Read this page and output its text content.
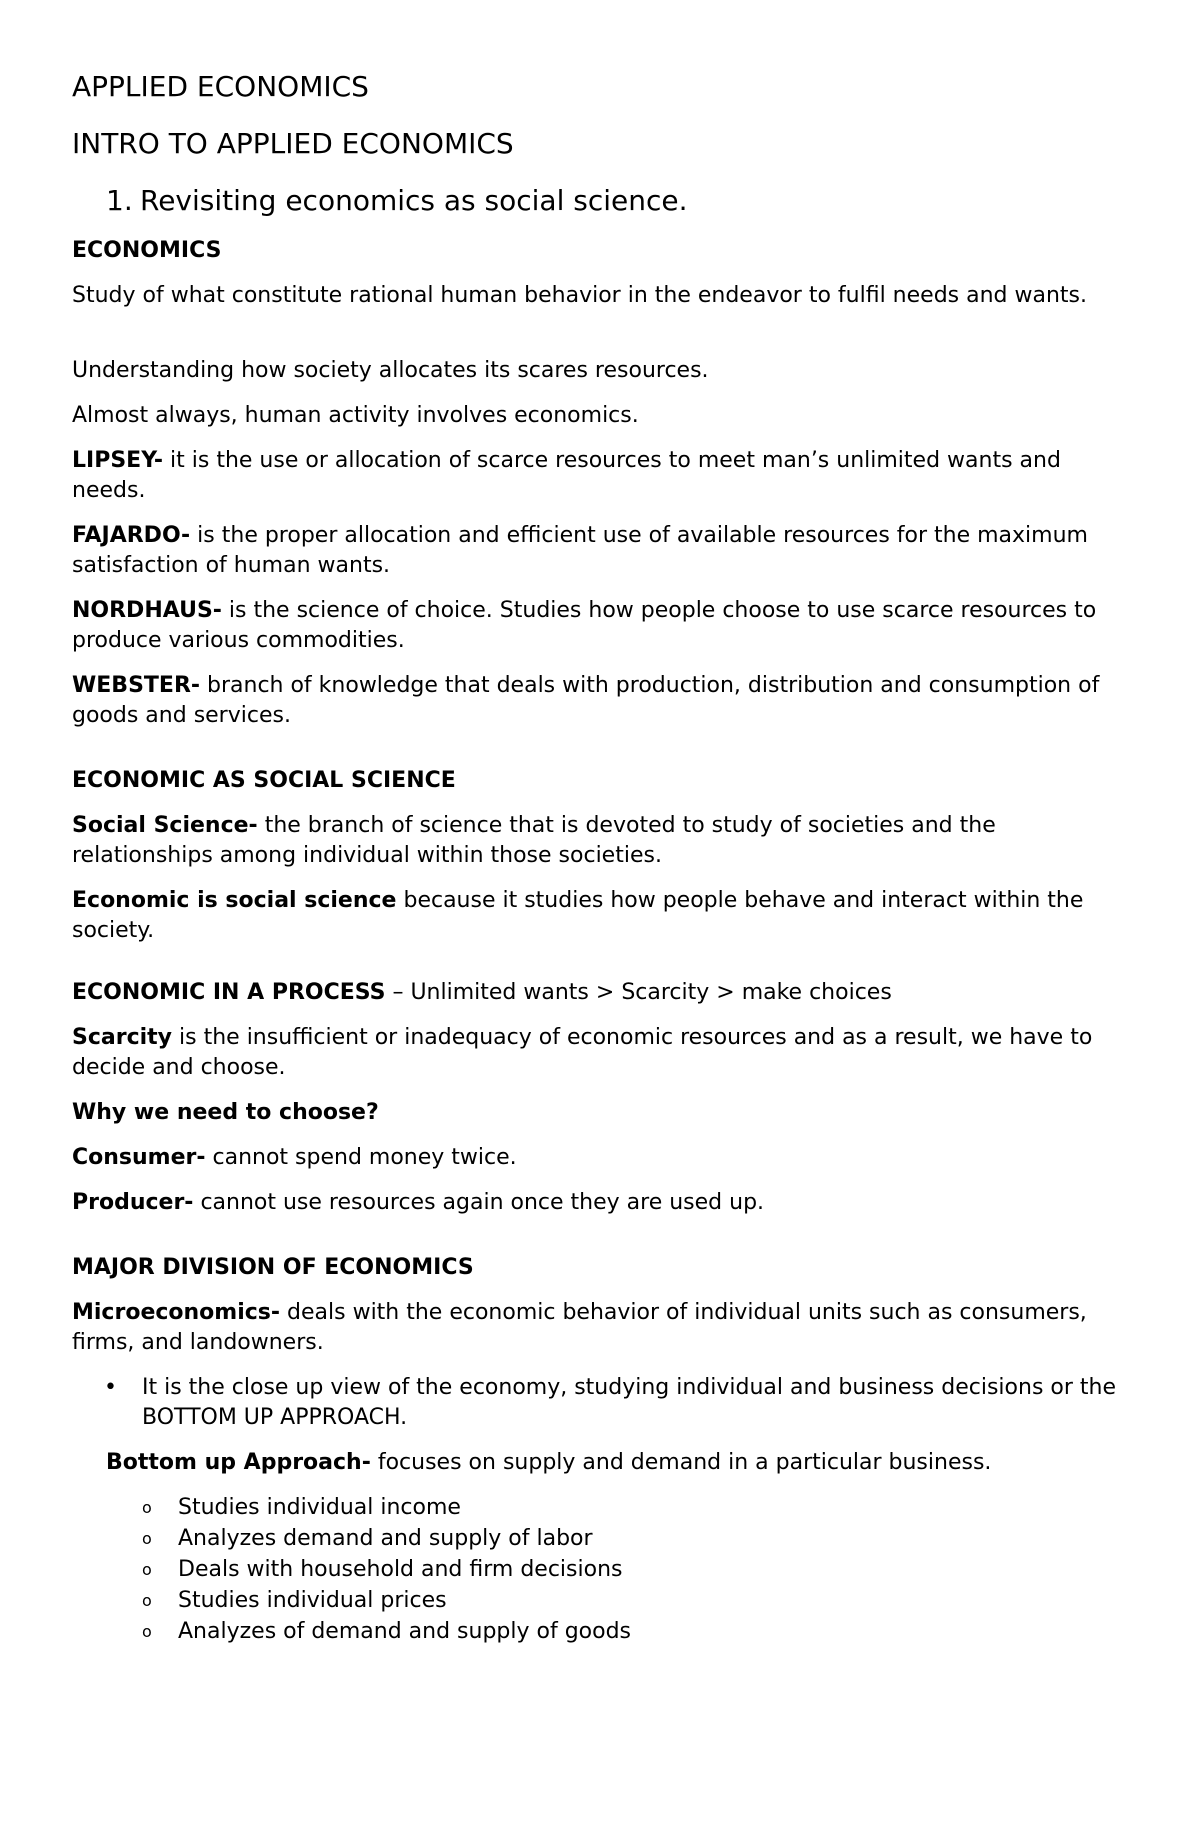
APPLIED ECONOMICS

INTRO TO APPLIED ECONOMICS

1. Revisiting economics as social science.

ECONOMICS

Study of what constitute rational human behavior in the endeavor to fulfil needs and wants.

Understanding how society allocates its scares resources.

Almost always, human activity involves economics.

LIPSEY- it is the use or allocation of scarce resources to meet man’s unlimited wants and needs.

FAJARDO- is the proper allocation and efficient use of available resources for the maximum satisfaction of human wants.

NORDHAUS- is the science of choice. Studies how people choose to use scarce resources to produce various commodities.

WEBSTER- branch of knowledge that deals with production, distribution and consumption of goods and services.

ECONOMIC AS SOCIAL SCIENCE

Social Science- the branch of science that is devoted to study of societies and the relationships among individual within those societies.

Economic is social science because it studies how people behave and interact within the society.

ECONOMIC IN A PROCESS – Unlimited wants > Scarcity > make choices

Scarcity is the insufficient or inadequacy of economic resources and as a result, we have to decide and choose.

Why we need to choose?

Consumer- cannot spend money twice.

Producer- cannot use resources again once they are used up.

MAJOR DIVISION OF ECONOMICS

Microeconomics- deals with the economic behavior of individual units such as consumers, firms, and landowners.

• It is the close up view of the economy, studying individual and business decisions or the BOTTOM UP APPROACH.

Bottom up Approach- focuses on supply and demand in a particular business.

o Studies individual income

o Analyzes demand and supply of labor

o Deals with household and firm decisions

o Studies individual prices

o Analyzes of demand and supply of goods
